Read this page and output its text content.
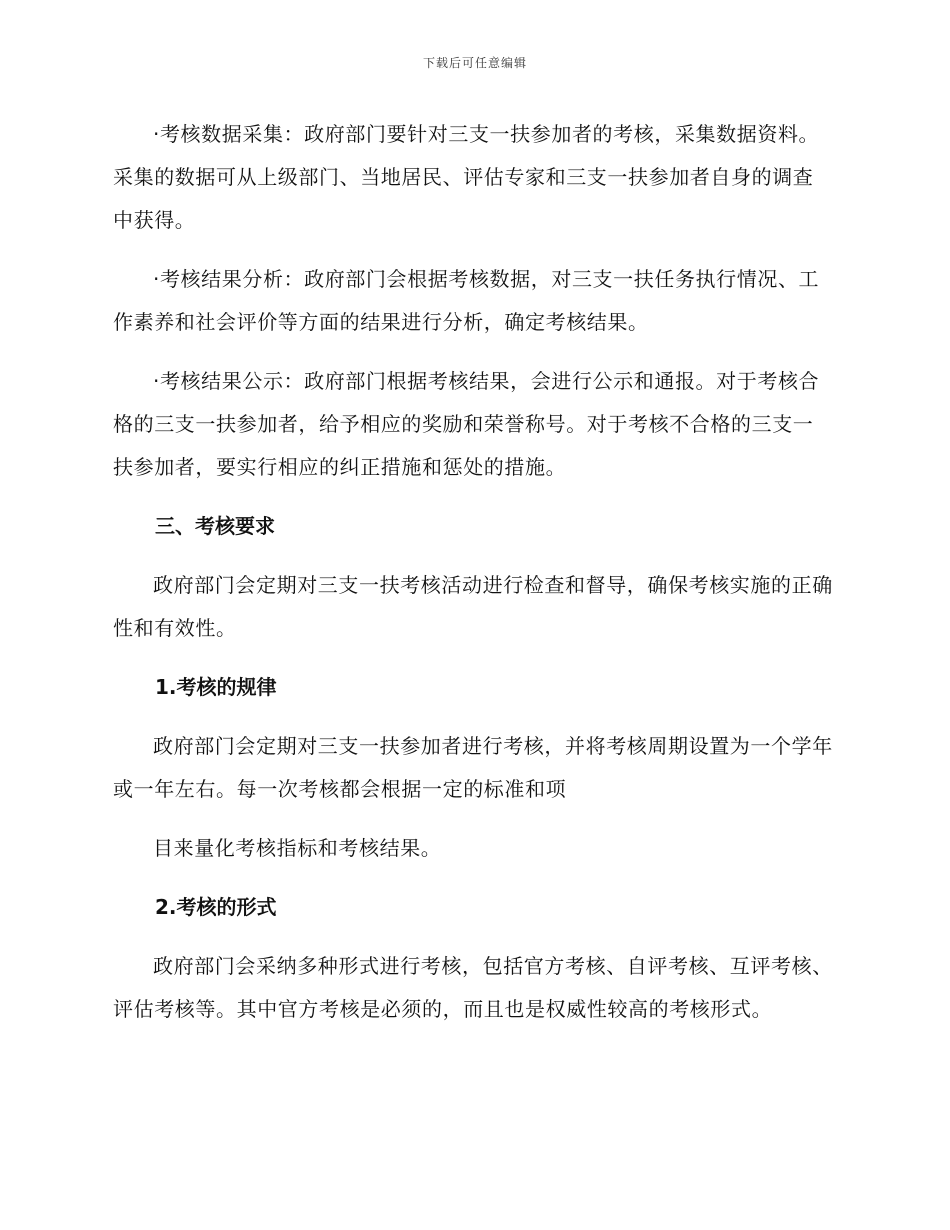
下载后可任意编辑

·考核数据采集：政府部门要针对三支一扶参加者的考核，采集数据资料。采集的数据可从上级部门、当地居民、评估专家和三支一扶参加者自身的调查中获得。

·考核结果分析：政府部门会根据考核数据，对三支一扶任务执行情况、工作素养和社会评价等方面的结果进行分析，确定考核结果。

·考核结果公示：政府部门根据考核结果，会进行公示和通报。对于考核合格的三支一扶参加者，给予相应的奖励和荣誉称号。对于考核不合格的三支一扶参加者，要实行相应的纠正措施和惩处的措施。

三、考核要求

政府部门会定期对三支一扶考核活动进行检查和督导，确保考核实施的正确性和有效性。

1.考核的规律

政府部门会定期对三支一扶参加者进行考核，并将考核周期设置为一个学年或一年左右。每一次考核都会根据一定的标准和项

目来量化考核指标和考核结果。

2.考核的形式

政府部门会采纳多种形式进行考核，包括官方考核、自评考核、互评考核、评估考核等。其中官方考核是必须的，而且也是权威性较高的考核形式。
